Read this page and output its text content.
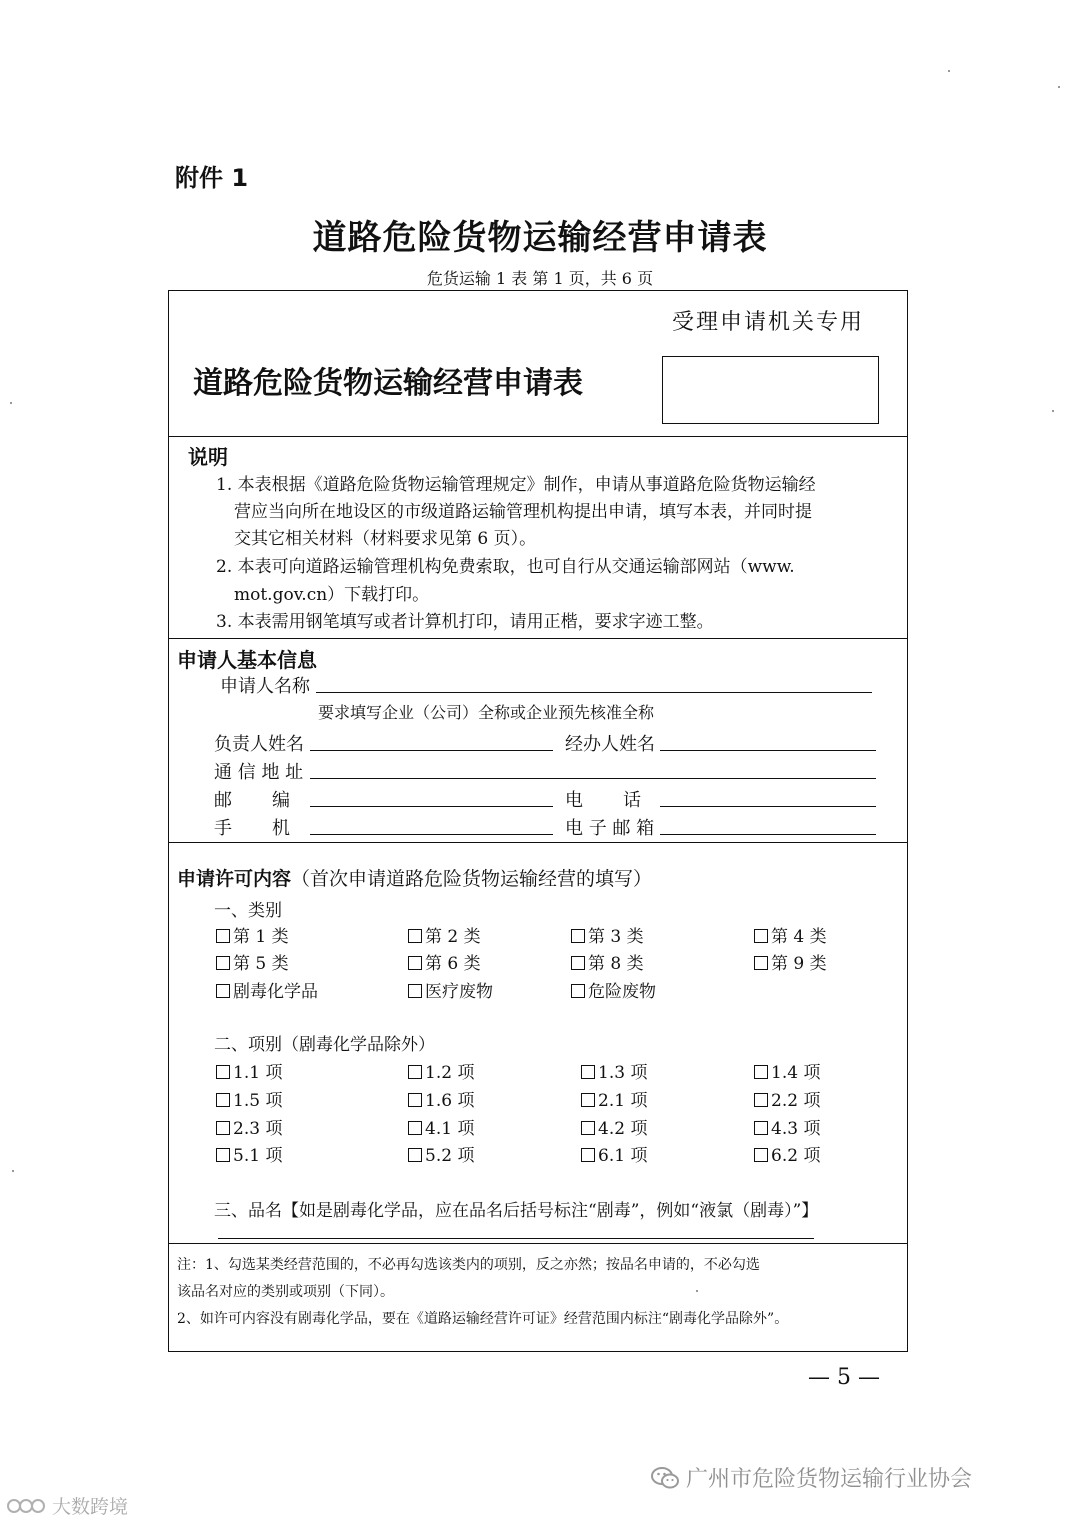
附件 1
道路危险货物运输经营申请表
危货运输 1 表 第 1 页，共 6 页
受理申请机关专用
道路危险货物运输经营申请表
说明
1. 本表根据《道路危险货物运输管理规定》制作，申请从事道路危险货物运输经
营应当向所在地设区的市级道路运输管理机构提出申请，填写本表，并同时提
交其它相关材料（材料要求见第 6 页）。
2. 本表可向道路运输管理机构免费索取，也可自行从交通运输部网站（www.
mot.gov.cn）下载打印。
3. 本表需用钢笔填写或者计算机打印，请用正楷，要求字迹工整。
申请人基本信息
申请人名称
要求填写企业（公司）全称或企业预先核准全称
负责人姓名	经办人姓名
通 信 地 址
邮       编	电       话
手       机	电 子 邮 箱
申请许可内容（首次申请道路危险货物运输经营的填写）
一、类别
第 1 类	第 2 类	第 3 类	第 4 类
第 5 类	第 6 类	第 8 类	第 9 类
剧毒化学品	医疗废物	危险废物
二、项别（剧毒化学品除外）
1.1 项	1.2 项	1.3 项	1.4 项
1.5 项	1.6 项	2.1 项	2.2 项
2.3 项	4.1 项	4.2 项	4.3 项
5.1 项	5.2 项	6.1 项	6.2 项
三、品名【如是剧毒化学品，应在品名后括号标注“剧毒”，例如“液氯（剧毒）”】
注：1、勾选某类经营范围的，不必再勾选该类内的项别，反之亦然；按品名申请的，不必勾选
该品名对应的类别或项别（下同）。
2、如许可内容没有剧毒化学品，要在《道路运输经营许可证》经营范围内标注“剧毒化学品除外”。
— 5 —
广州市危险货物运输行业协会
大数跨境
